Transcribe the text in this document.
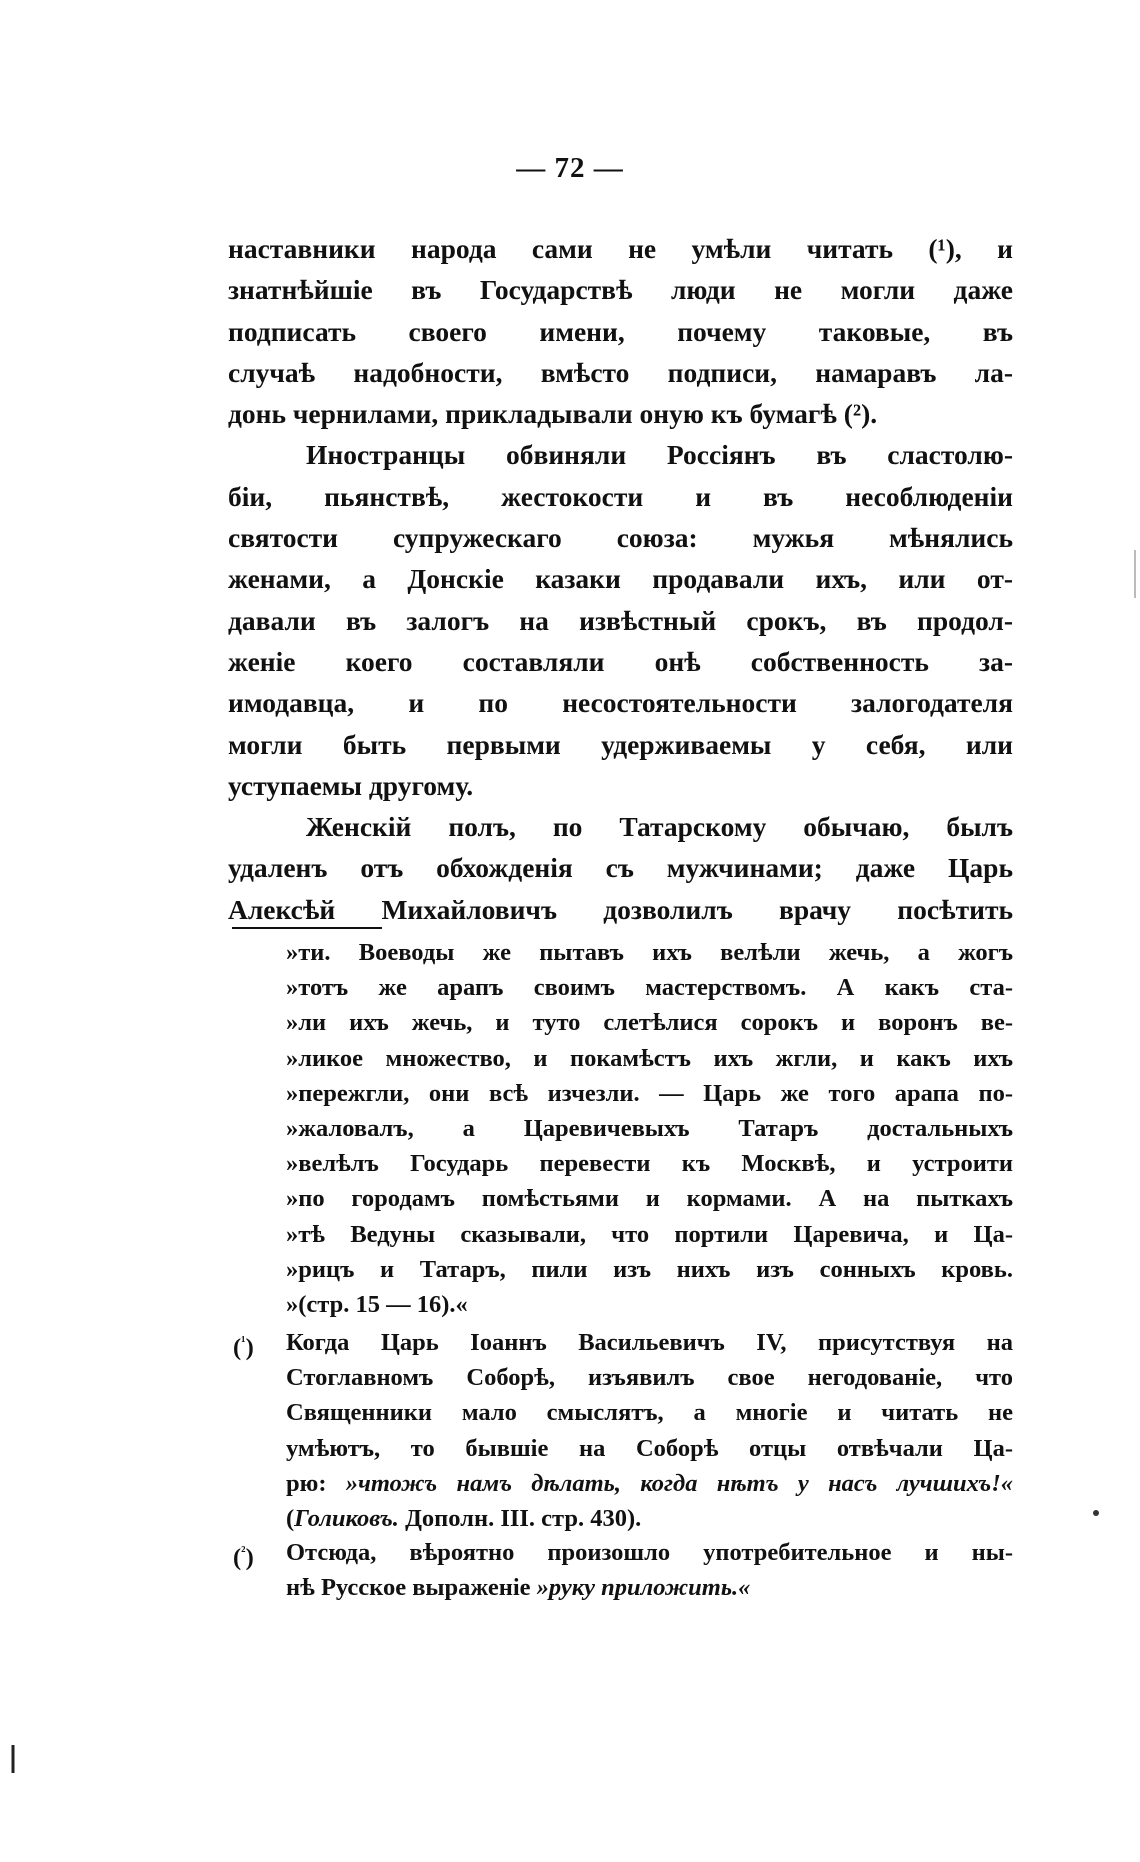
— 72 —
наставники народа сами не умѣли читать (¹), и
знатнѣйшіе въ Государствѣ люди не могли даже
подписать своего имени, почему таковые, въ
случаѣ надобности, вмѣсто подписи, намаравъ ла-
донь чернилами, прикладывали оную къ бумагѣ (²).
Иностранцы обвиняли Россіянъ въ сластолю-
біи, пьянствѣ, жестокости и въ несоблюденіи
святости супружескаго союза: мужья мѣнялись
женами, а Донскіе казаки продавали ихъ, или от-
давали въ залогъ на извѣстный срокъ, въ продол-
женіе коего составляли онѣ собственность за-
имодавца, и по несостоятельности залогодателя
могли быть первыми удерживаемы у себя, или
уступаемы другому.
Женскій полъ, по Татарскому обычаю, былъ
удаленъ отъ обхожденія съ мужчинами; даже Царь
Алексѣй Михайловичъ дозволилъ врачу посѣтить
»ти. Воеводы же пытавъ ихъ велѣли жечь, а жогъ
»тотъ же арапъ своимъ мастерствомъ. А какъ ста-
»ли ихъ жечь, и туто слетѣлися сорокъ и воронъ ве-
»ликое множество, и покамѣстъ ихъ жгли, и какъ ихъ
»пережгли, они всѣ изчезли. — Царь же того арапа по-
»жаловалъ, а Царевичевыхъ Татаръ достальныхъ
»велѣлъ Государь перевести къ Москвѣ, и устроити
»по городамъ помѣстьями и кормами. А на пыткахъ
»тѣ Ведуны сказывали, что портили Царевича, и Ца-
»рицъ и Татаръ, пили изъ нихъ изъ сонныхъ кровь.
»(стр. 15 — 16).«
($^{^1}$) Когда Царь Іоаннъ Васильевичъ IV, присутствуя на
Стоглавномъ Соборѣ, изъявилъ свое негодованіе, что
Священники мало смыслятъ, а многіе и читать не
умѣютъ, то бывшіе на Соборѣ отцы отвѣчали Ца-
рю: »чтожъ намъ дѣлать, когда нѣтъ у насъ лучшихъ!«
(Голиковъ. Дополн. III. стр. 430).
($^{^2}$) Отсюда, вѣроятно произошло употребительное и ны-
нѣ Русское выраженіе »руку приложить.«
